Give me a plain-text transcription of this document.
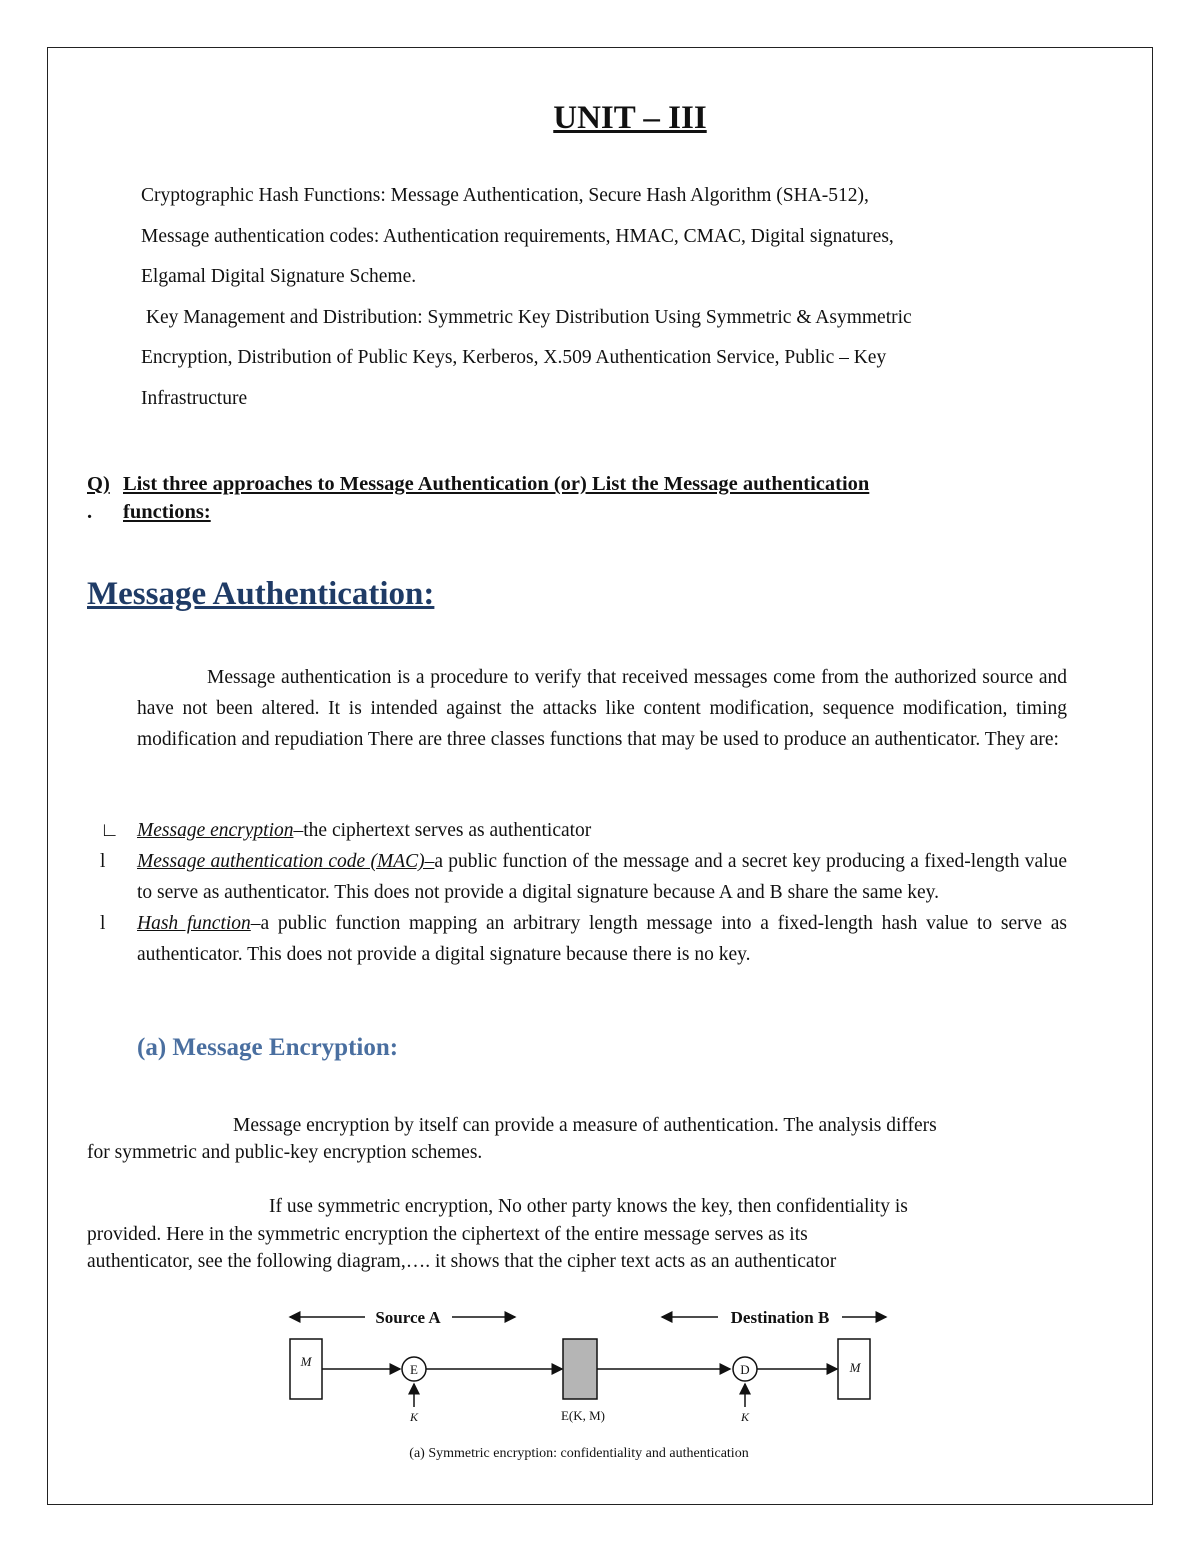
UNIT – III
Cryptographic Hash Functions: Message Authentication, Secure Hash Algorithm (SHA-512),
Message authentication codes: Authentication requirements, HMAC, CMAC, Digital signatures,
Elgamal Digital Signature Scheme.
Key Management and Distribution: Symmetric Key Distribution Using Symmetric & Asymmetric
Encryption, Distribution of Public Keys, Kerberos, X.509 Authentication Service, Public – Key
Infrastructure
Q) List three approaches to Message Authentication (or) List the Message authentication
. functions:
Message Authentication:
Message authentication is a procedure to verify that received messages come from the authorized source and have not been altered. It is intended against the attacks like content modification, sequence modification, timing modification and repudiation There are three classes functions that may be used to produce an authenticator. They are:
∟ Message encryption–the ciphertext serves as authenticator
l Message authentication code (MAC)–a public function of the message and a secret key producing a fixed-length value to serve as authenticator. This does not provide a digital signature because A and B share the same key.
l Hash function–a public function mapping an arbitrary length message into a fixed-length hash value to serve as authenticator. This does not provide a digital signature because there is no key.
(a) Message Encryption:
Message encryption by itself can provide a measure of authentication. The analysis differs
for symmetric and public-key encryption schemes.
If use symmetric encryption, No other party knows the key, then confidentiality is
provided. Here in the symmetric encryption the ciphertext of the entire message serves as its
authenticator, see the following diagram,…. it shows that the cipher text acts as an authenticator
Source A	Destination B
M
E
K	E(K, M)
D
K
M
(a) Symmetric encryption: confidentiality and authentication
